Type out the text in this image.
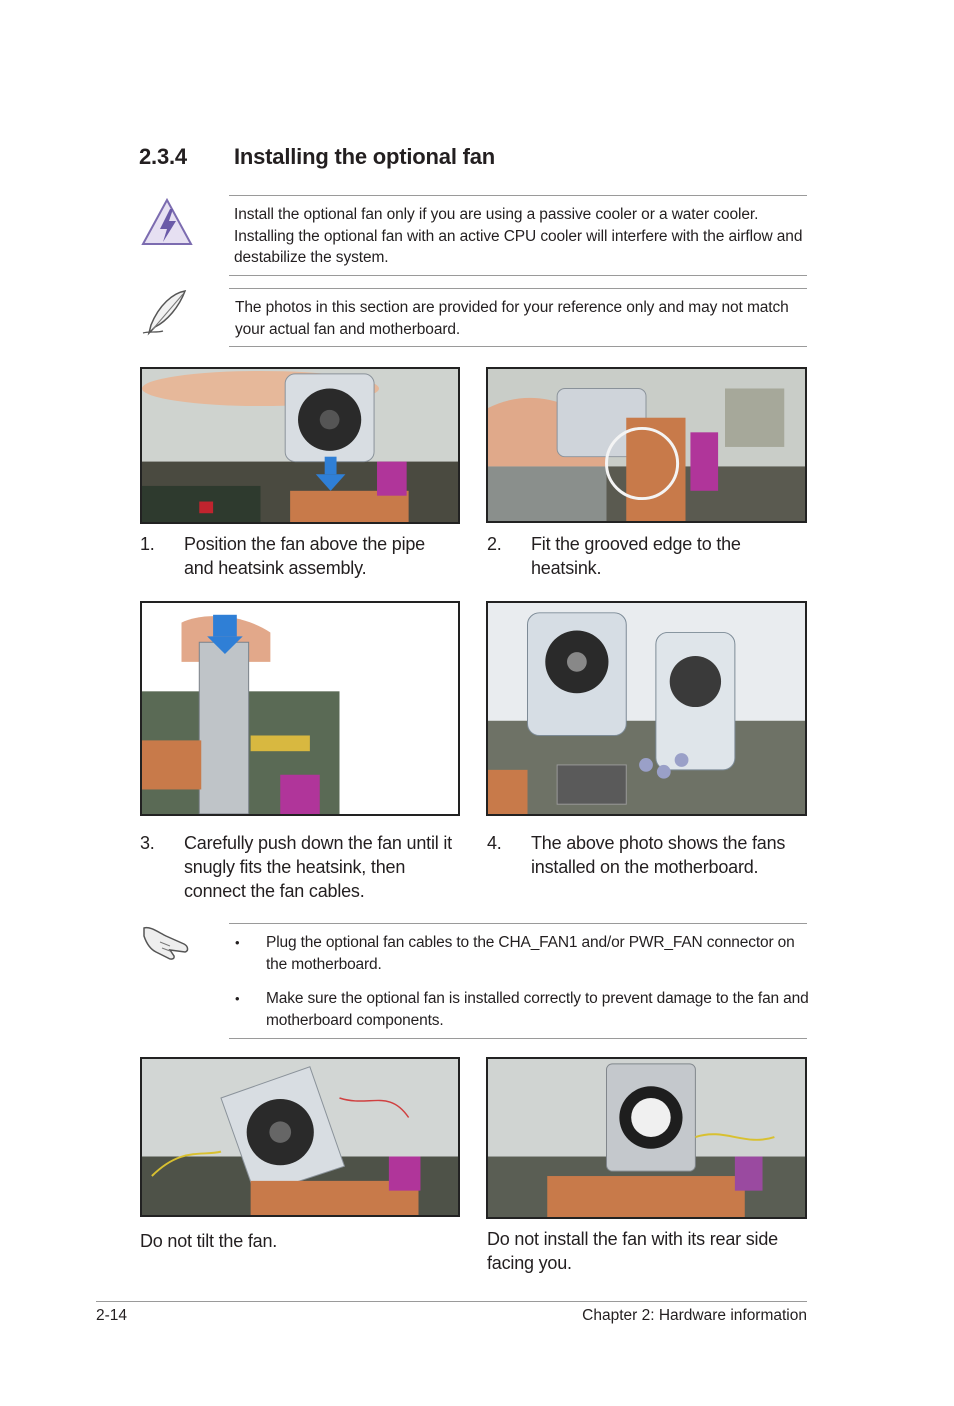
2.3.4 Installing the optional fan
Install the optional fan only if you are using a passive cooler or a water cooler. Installing the optional fan with an active CPU cooler will interfere with the airflow and destabilize the system.
The photos in this section are provided for your reference only and may not match your actual fan and motherboard.
1. Position the fan above the pipe and heatsink assembly.
2. Fit the grooved edge to the heatsink.
3. Carefully push down the fan until it snugly fits the heatsink, then connect the fan cables.
4. The above photo shows the fans installed on the motherboard.
• Plug the optional fan cables to the CHA_FAN1 and/or PWR_FAN connector on the motherboard.
• Make sure the optional fan is installed correctly to prevent damage to the fan and motherboard components.
Do not tilt the fan.	Do not install the fan with its rear side facing you.
2-14	Chapter 2: Hardware information
